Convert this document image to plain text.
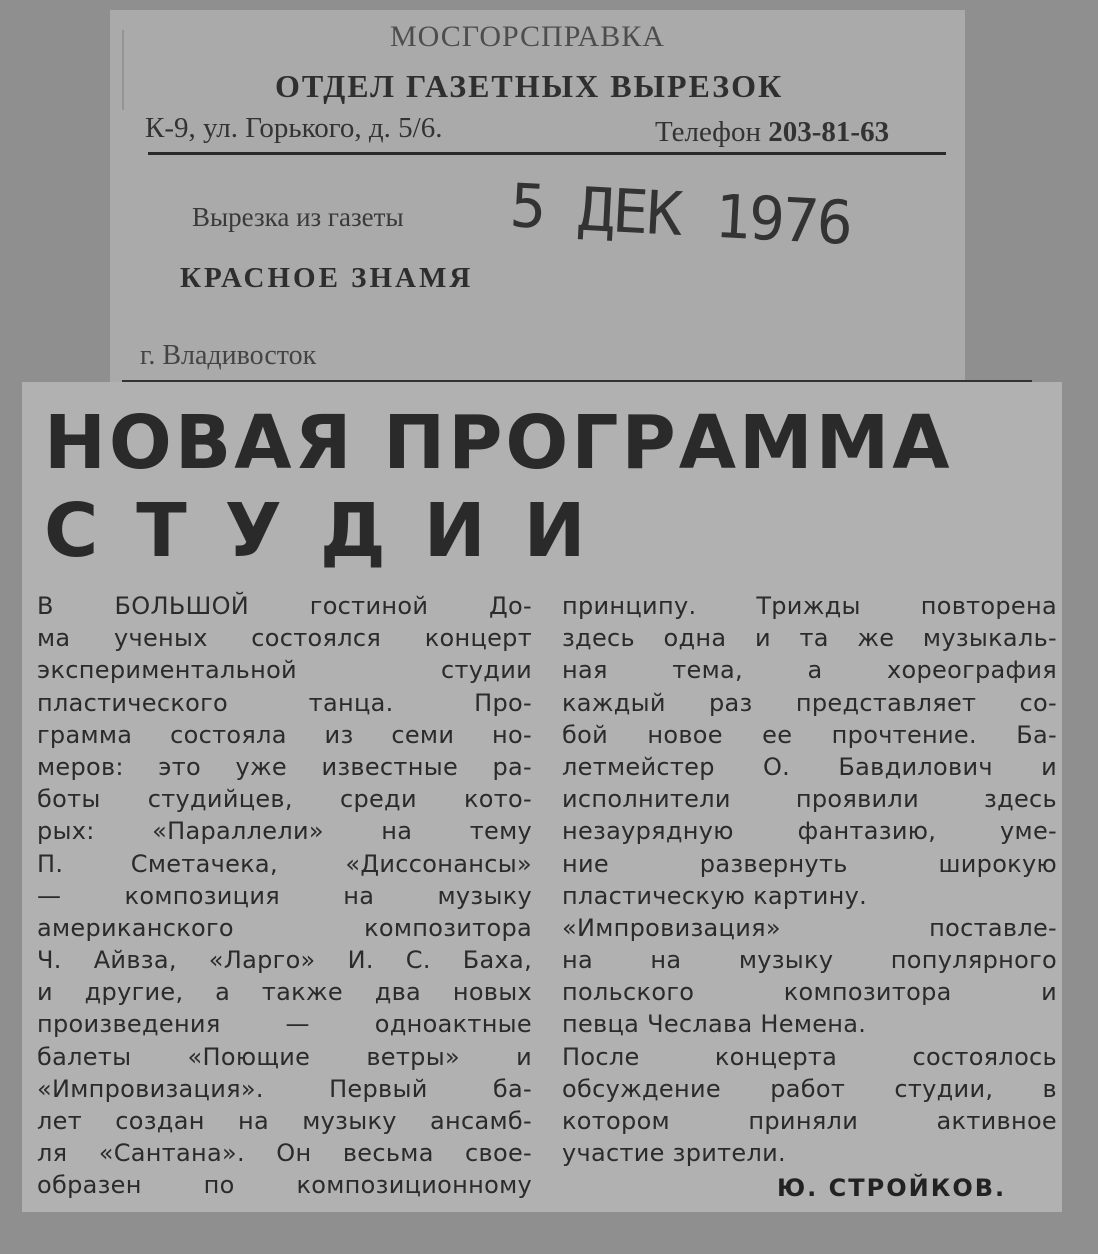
МОСГОРСПРАВКА
ОТДЕЛ ГАЗЕТНЫХ ВЫРЕЗОК
К-9, ул. Горького, д. 5/6.	Телефон 203-81-63
Вырезка из газеты 5 ДЕК 1976
КРАСНОЕ ЗНАМЯ
г. Владивосток
НОВАЯ ПРОГРАММА
СТУДИИ
В БОЛЬШОЙ гостиной До-
ма ученых состоялся концерт
экспериментальной студии
пластического танца. Про-
грамма состояла из семи но-
меров: это уже известные ра-
боты студийцев, среди кото-
рых: «Параллели» на тему
П. Сметачека, «Диссонансы»
— композиция на музыку
американского композитора
Ч. Айвза, «Ларго» И. С. Баха,
и другие, а также два новых
произведения — одноактные
балеты «Поющие ветры» и
«Импровизация». Первый ба-
лет создан на музыку ансамб-
ля «Сантана». Он весьма свое-
образен по композиционному
принципу. Трижды повторена
здесь одна и та же музыкаль-
ная тема, а хореография
каждый раз представляет со-
бой новое ее прочтение. Ба-
летмейстер О. Бавдилович и
исполнители проявили здесь
незаурядную фантазию, уме-
ние развернуть широкую
пластическую картину.
«Импровизация» поставле-
на на музыку популярного
польского композитора и
певца Чеслава Немена.
После концерта состоялось
обсуждение работ студии, в
котором приняли активное
участие зрители.
Ю. СТРОЙКОВ.
